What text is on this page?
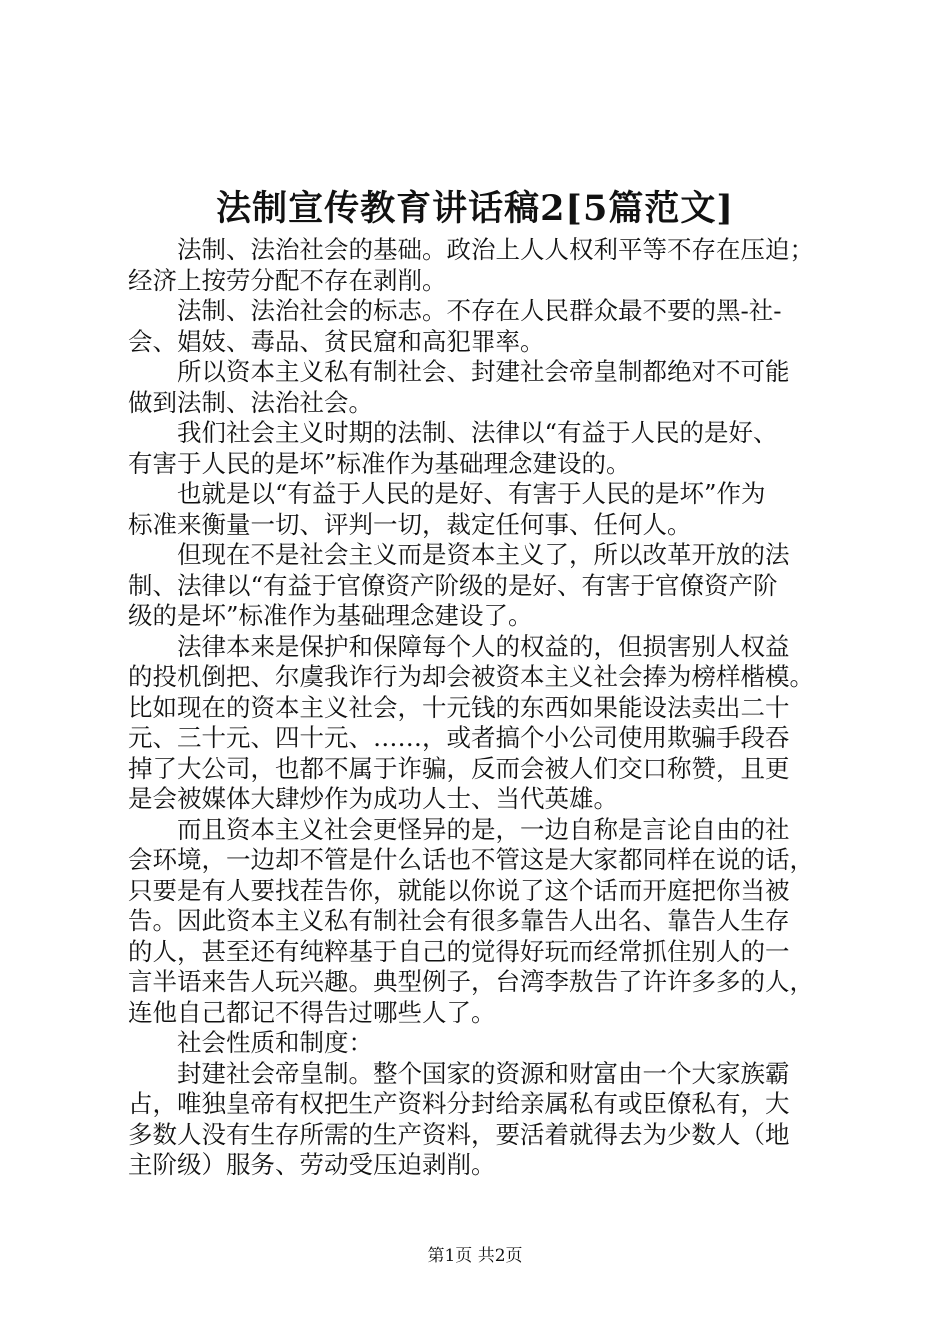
法制宣传教育讲话稿2[5篇范文]

法制、法治社会的基础。政治上人人权利平等不存在压迫；
经济上按劳分配不存在剥削。

法制、法治社会的标志。不存在人民群众最不要的黑-社-
会、娼妓、毒品、贫民窟和高犯罪率。

所以资本主义私有制社会、封建社会帝皇制都绝对不可能
做到法制、法治社会。

我们社会主义时期的法制、法律以“有益于人民的是好、
有害于人民的是坏”标准作为基础理念建设的。

也就是以“有益于人民的是好、有害于人民的是坏”作为
标准来衡量一切、评判一切，裁定任何事、任何人。

但现在不是社会主义而是资本主义了，所以改革开放的法
制、法律以“有益于官僚资产阶级的是好、有害于官僚资产阶
级的是坏”标准作为基础理念建设了。

法律本来是保护和保障每个人的权益的，但损害别人权益
的投机倒把、尔虞我诈行为却会被资本主义社会捧为榜样楷模。
比如现在的资本主义社会，十元钱的东西如果能设法卖出二十
元、三十元、四十元、……，或者搞个小公司使用欺骗手段吞
掉了大公司，也都不属于诈骗，反而会被人们交口称赞，且更
是会被媒体大肆炒作为成功人士、当代英雄。

而且资本主义社会更怪异的是，一边自称是言论自由的社
会环境，一边却不管是什么话也不管这是大家都同样在说的话，
只要是有人要找茬告你，就能以你说了这个话而开庭把你当被
告。因此资本主义私有制社会有很多靠告人出名、靠告人生存
的人，甚至还有纯粹基于自己的觉得好玩而经常抓住别人的一
言半语来告人玩兴趣。典型例子，台湾李敖告了许许多多的人，
连他自己都记不得告过哪些人了。

社会性质和制度：

封建社会帝皇制。整个国家的资源和财富由一个大家族霸
占，唯独皇帝有权把生产资料分封给亲属私有或臣僚私有，大
多数人没有生存所需的生产资料，要活着就得去为少数人（地
主阶级）服务、劳动受压迫剥削。

第1页 共2页
